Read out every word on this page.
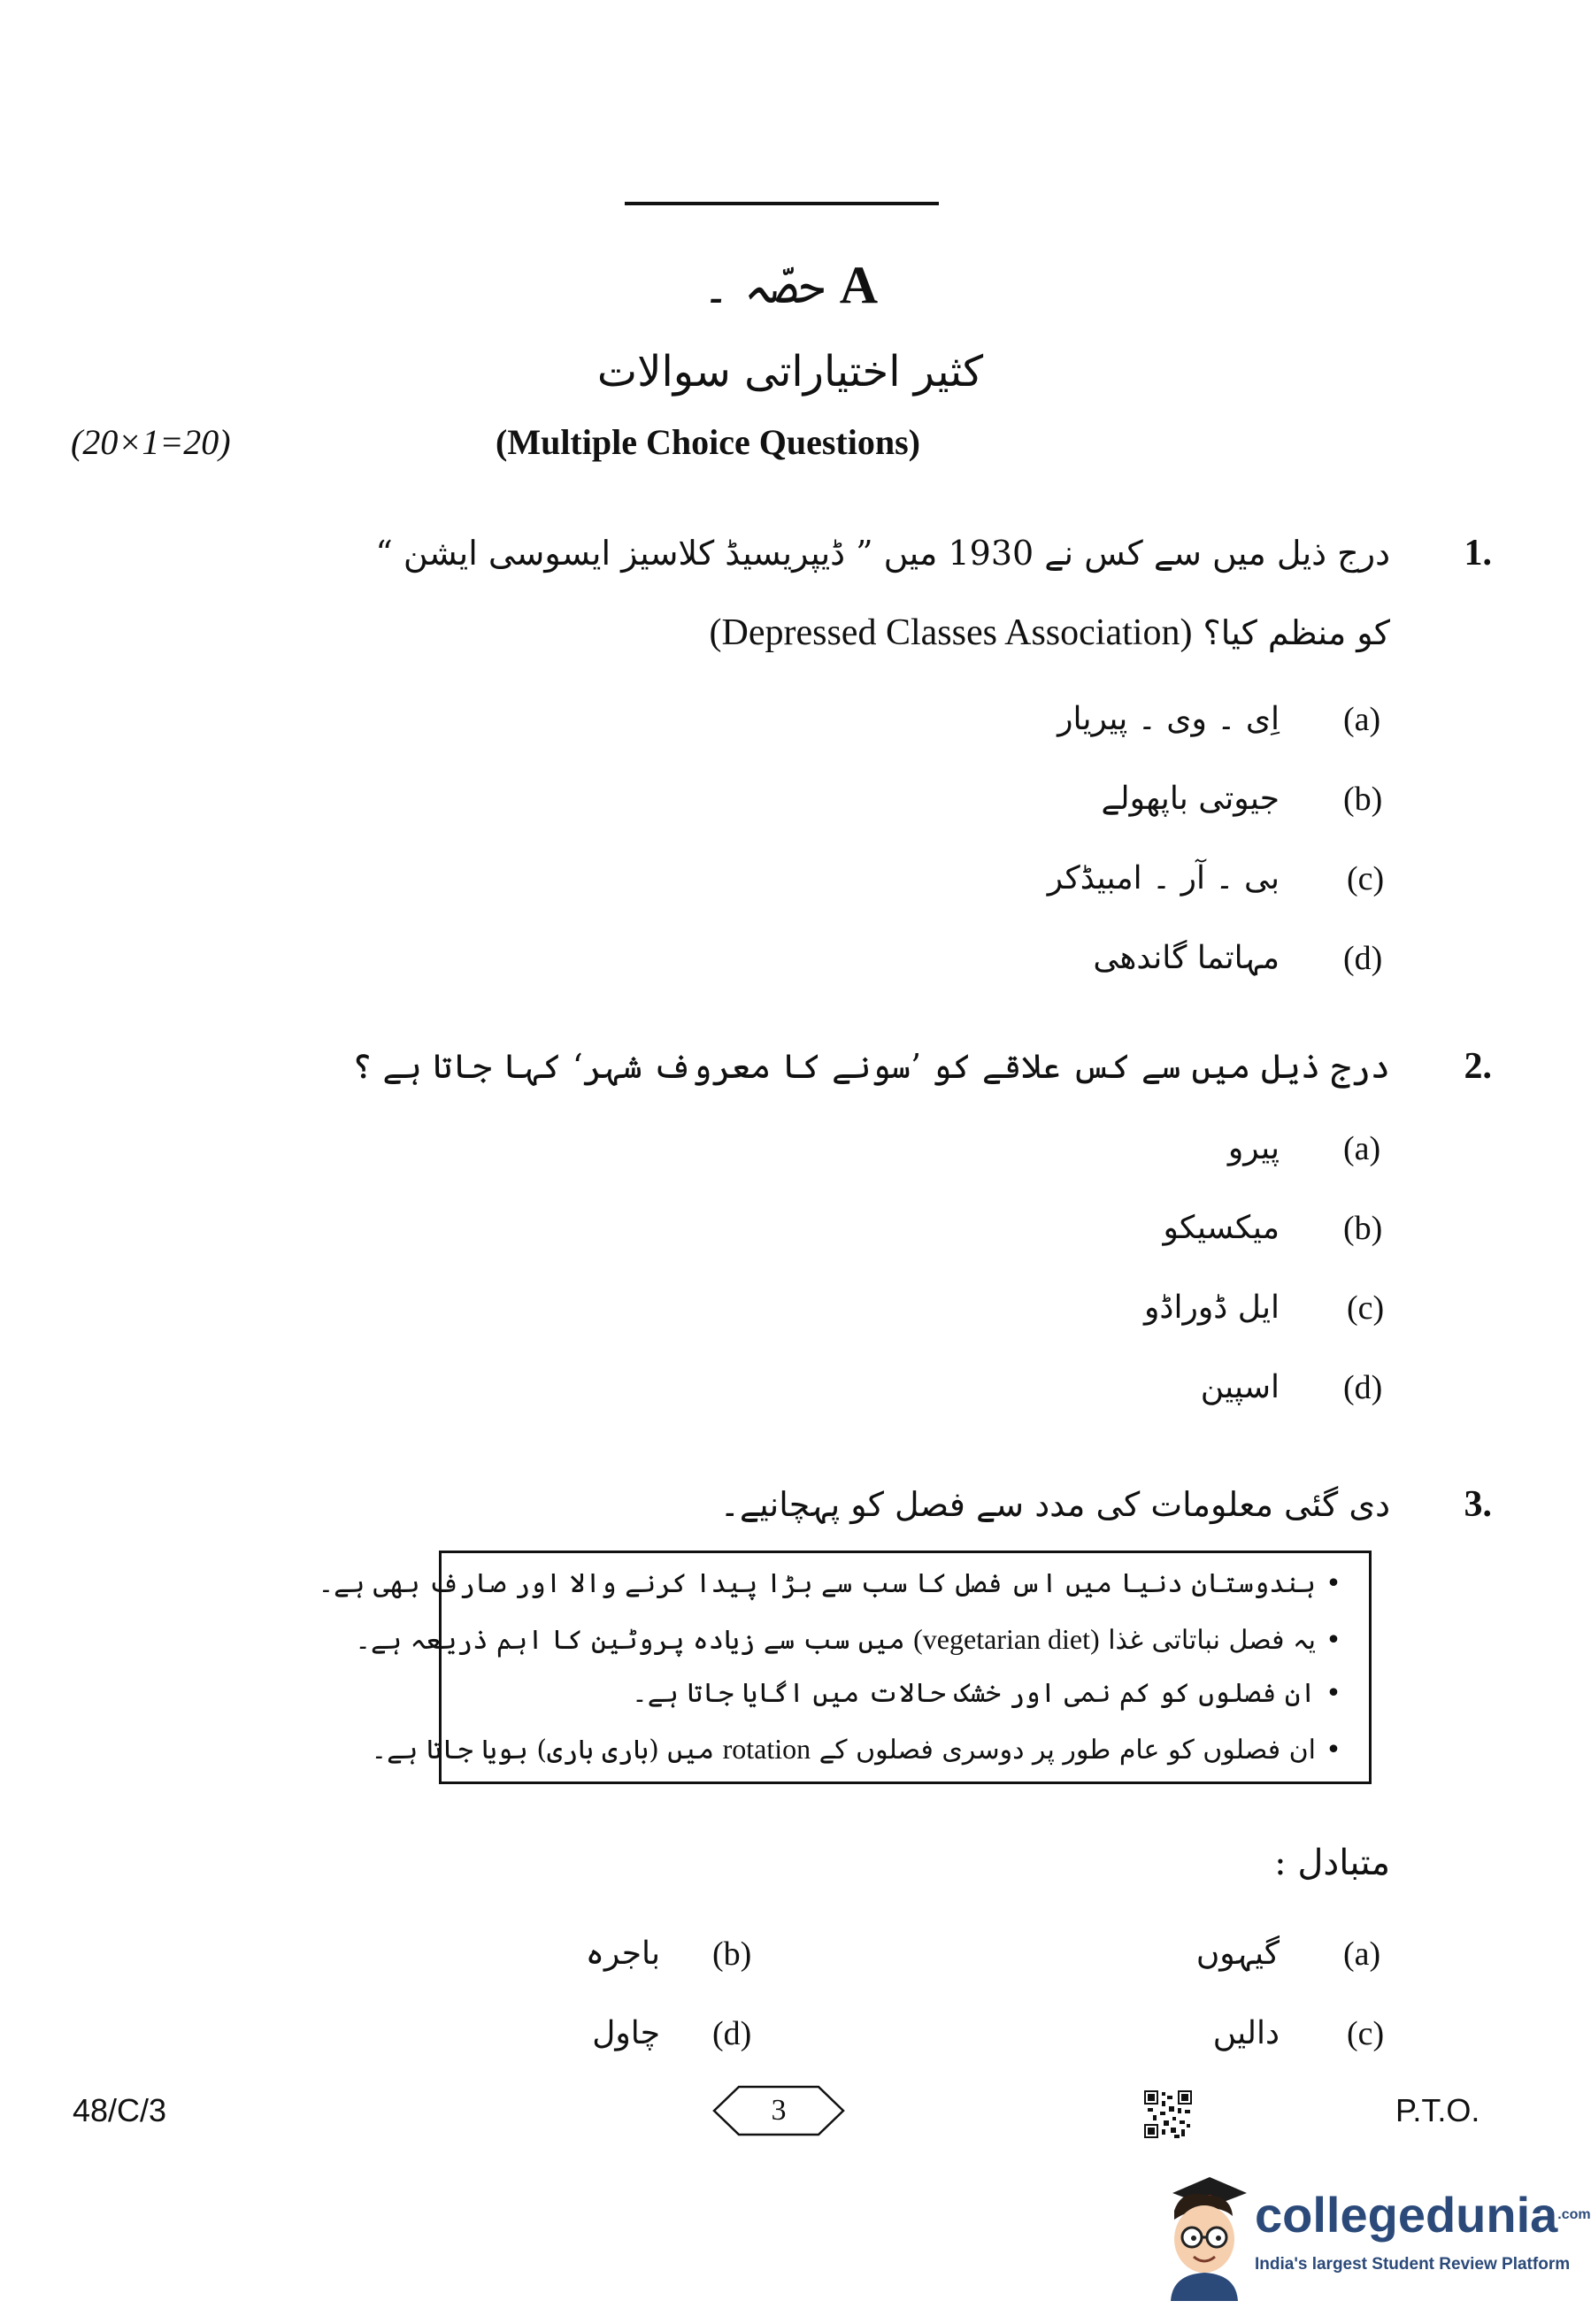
حصّہ ۔ A
کثیر اختیاراتی سوالات
(20×1=20)	(Multiple Choice Questions)
1.
درج ذیل میں سے کس نے 1930 میں ” ڈیپریسیڈ کلاسیز ایسوسی ایشن “
کو منظم کیا؟ (Depressed Classes Association)
(a)
اِی ۔ وی ۔ پیریار
(b)
جیوتی باپھولے
(c)
بی ۔ آر ۔ امبیڈکر
(d)
مہاتما گاندھی
2.
درج ذیل میں سے کس علاقے کو ’سونے کا معروف شہر‘ کہا جاتا ہے ؟
(a)
پیرو
(b)
میکسیکو
(c)
ایل ڈوراڈو
(d)
اسپین
3.
دی گئی معلومات کی مدد سے فصل کو پہچانیے۔
•ہندوستان دنیا میں اس فصل کا سب سے بڑا پیدا کرنے والا اور صارف بھی ہے۔
•یہ فصل نباتاتی غذا (vegetarian diet) میں سب سے زیادہ پروٹین کا اہم ذریعہ ہے۔
•ان فصلوں کو کم نمی اور خشک حالات میں اگایا جاتا ہے۔
•ان فصلوں کو عام طور پر دوسری فصلوں کے rotation میں (باری باری) بویا جاتا ہے۔
متبادل :
(a)
گیہوں
(b)
باجرہ
(c)
دالیں
(d)
چاول
48/C/3	3	P.T.O.
collegedunia$^{.com}$
India's largest Student Review Platform
